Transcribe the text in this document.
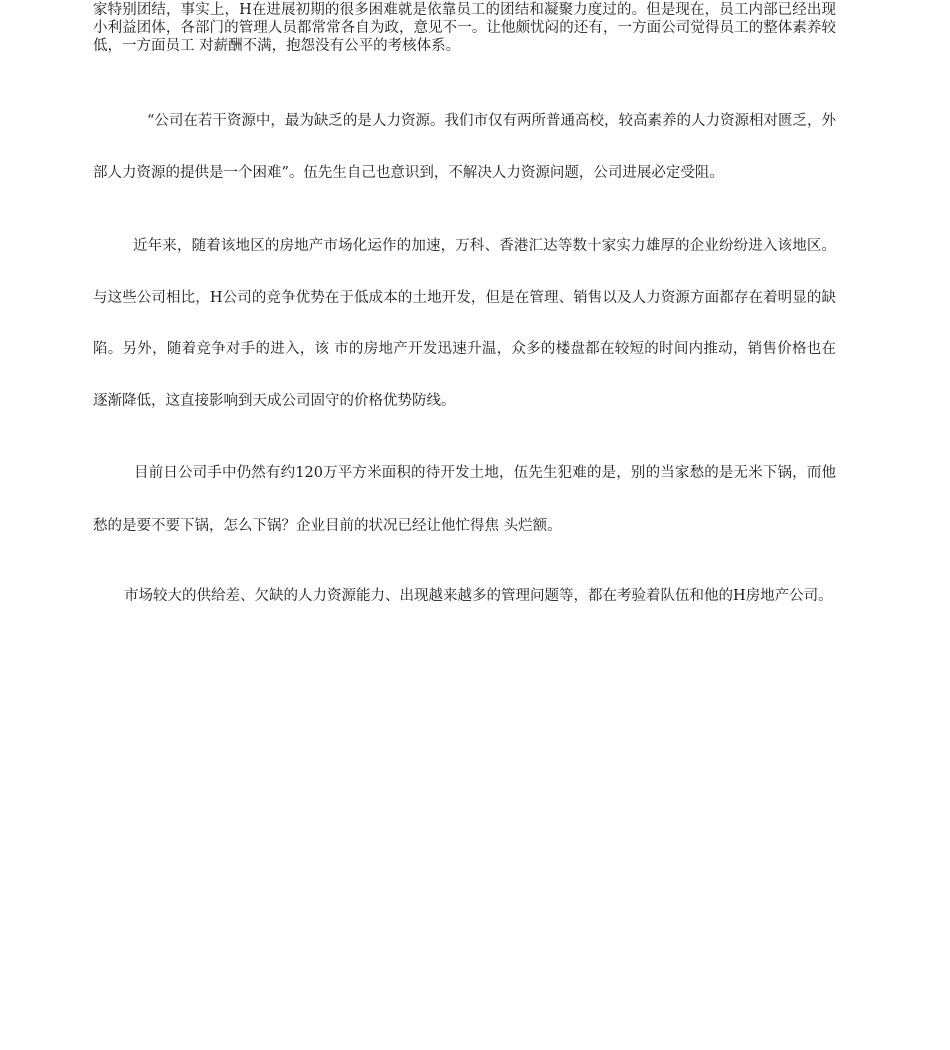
家特别团结，事实上，H在进展初期的很多困难就是依靠员工的团结和凝聚力度过的。但是现在，员工内部已经出现小利益团体，各部门的管理人员都常常各自为政，意见不一。让他颇忧闷的还有，一方面公司觉得员工的整体素养较低，一方面员工 对薪酬不满，抱怨没有公平的考核体系。

“公司在若干资源中，最为缺乏的是人力资源。我们市仅有两所普通高校，较高素养的人力资源相对匮乏，外部人力资源的提供是一个困难”。伍先生自己也意识到，不解决人力资源问题，公司进展必定受阻。

近年来，随着该地区的房地产市场化运作的加速，万科、香港汇达等数十家实力雄厚的企业纷纷进入该地区。与这些公司相比，H公司的竞争优势在于低成本的土地开发，但是在管理、销售以及人力资源方面都存在着明显的缺陷。另外，随着竞争对手的进入，该 市的房地产开发迅速升温，众多的楼盘都在较短的时间内推动，销售价格也在逐渐降低，这直接影响到天成公司固守的价格优势防线。

目前日公司手中仍然有约120万平方米面积的待开发土地，伍先生犯难的是，别的当家愁的是无米下锅，而他愁的是要不要下锅，怎么下锅？企业目前的状况已经让他忙得焦 头烂额。

市场较大的供给差、欠缺的人力资源能力、出现越来越多的管理问题等，都在考验着队伍和他的H房地产公司。
